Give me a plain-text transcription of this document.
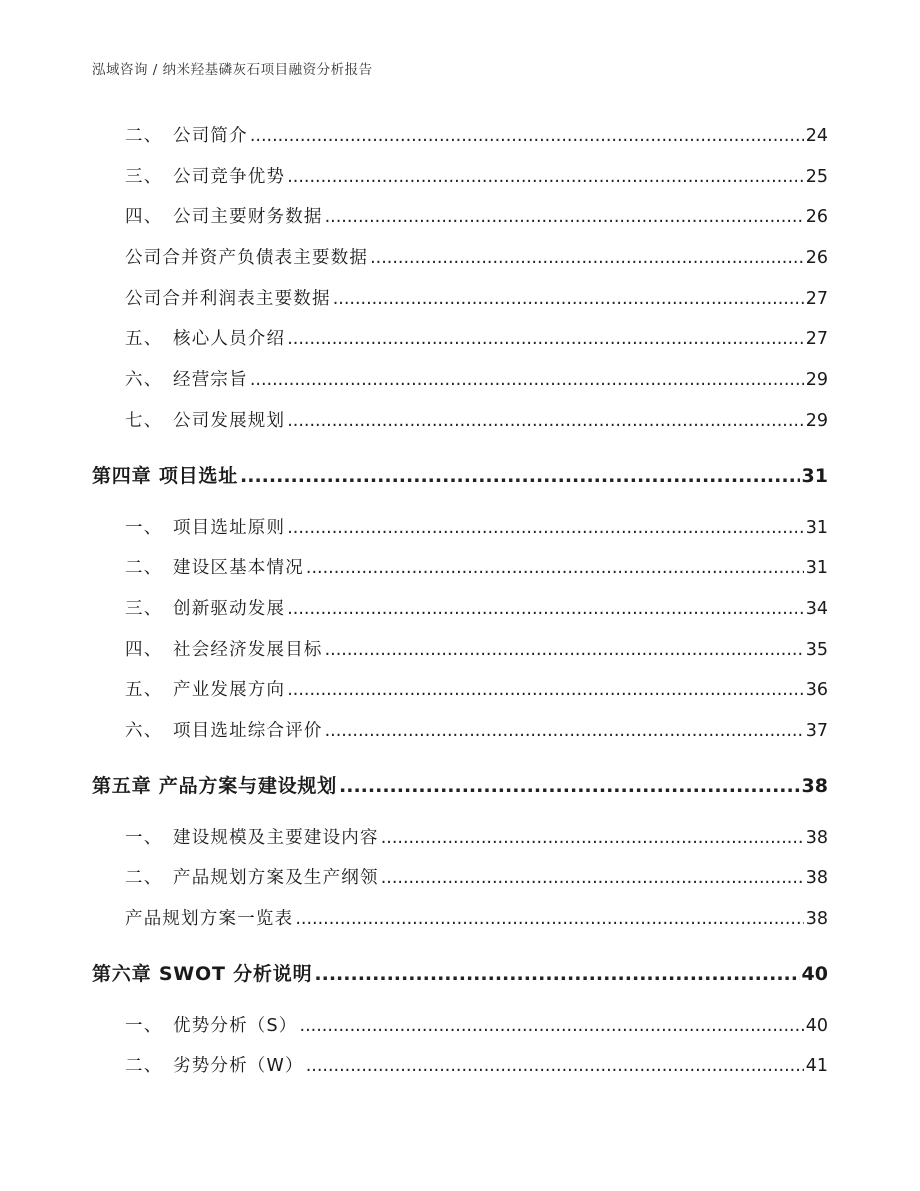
泓域咨询 / 纳米羟基磷灰石项目融资分析报告
二、 公司简介 .....	24
三、 公司竞争优势 .....	25
四、 公司主要财务数据 .....	26
公司合并资产负债表主要数据 .....	26
公司合并利润表主要数据 .....	27
五、 核心人员介绍 .....	27
六、 经营宗旨 .....	29
七、 公司发展规划 .....	29
第四章 项目选址 .....	31
一、 项目选址原则 .....	31
二、 建设区基本情况 .....	31
三、 创新驱动发展 .....	34
四、 社会经济发展目标 .....	35
五、 产业发展方向 .....	36
六、 项目选址综合评价 .....	37
第五章 产品方案与建设规划 .....	38
一、 建设规模及主要建设内容 .....	38
二、 产品规划方案及生产纲领 .....	38
产品规划方案一览表 .....	38
第六章 SWOT 分析说明 .....	40
一、 优势分析（S） .....	40
二、 劣势分析（W） .....	41
